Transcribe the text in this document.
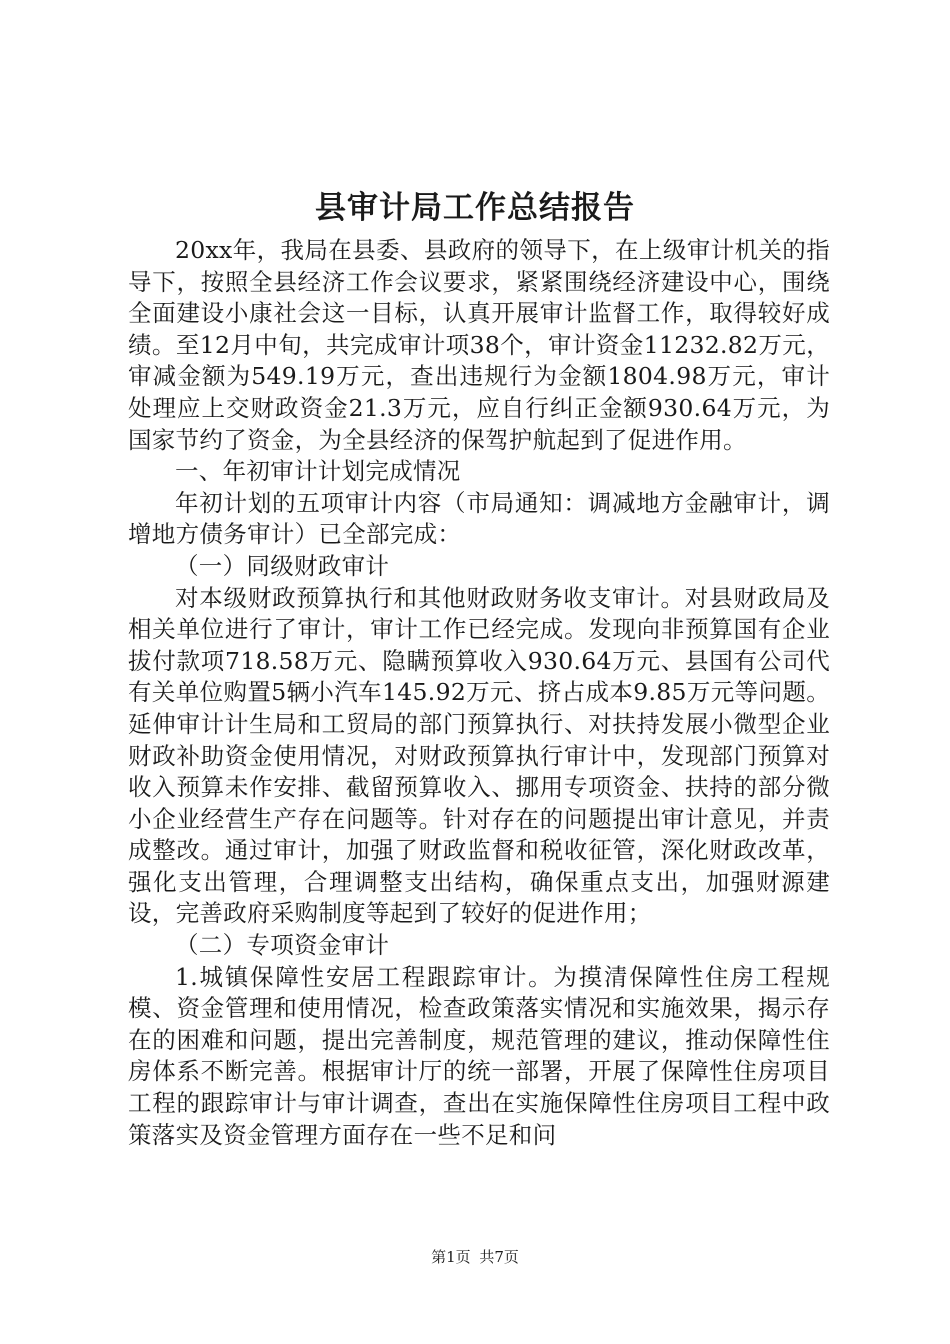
县审计局工作总结报告

20xx年，我局在县委、县政府的领导下，在上级审计机关的指导下，按照全县经济工作会议要求，紧紧围绕经济建设中心，围绕全面建设小康社会这一目标，认真开展审计监督工作，取得较好成绩。至12月中旬，共完成审计项38个，审计资金11232.82万元，审减金额为549.19万元，查出违规行为金额1804.98万元，审计处理应上交财政资金21.3万元，应自行纠正金额930.64万元，为国家节约了资金，为全县经济的保驾护航起到了促进作用。

一、年初审计计划完成情况

年初计划的五项审计内容（市局通知：调减地方金融审计，调增地方债务审计）已全部完成：

（一）同级财政审计

对本级财政预算执行和其他财政财务收支审计。对县财政局及相关单位进行了审计，审计工作已经完成。发现向非预算国有企业拔付款项718.58万元、隐瞒预算收入930.64万元、县国有公司代有关单位购置5辆小汽车145.92万元、挤占成本9.85万元等问题。延伸审计计生局和工贸局的部门预算执行、对扶持发展小微型企业财政补助资金使用情况，对财政预算执行审计中，发现部门预算对收入预算未作安排、截留预算收入、挪用专项资金、扶持的部分微小企业经营生产存在问题等。针对存在的问题提出审计意见，并责成整改。通过审计，加强了财政监督和税收征管，深化财政改革，强化支出管理，合理调整支出结构，确保重点支出，加强财源建设，完善政府采购制度等起到了较好的促进作用；

（二）专项资金审计

1.城镇保障性安居工程跟踪审计。为摸清保障性住房工程规模、资金管理和使用情况，检查政策落实情况和实施效果，揭示存在的困难和问题，提出完善制度，规范管理的建议，推动保障性住房体系不断完善。根据审计厅的统一部署，开展了保障性住房项目工程的跟踪审计与审计调查，查出在实施保障性住房项目工程中政策落实及资金管理方面存在一些不足和问

第1页 共7页
